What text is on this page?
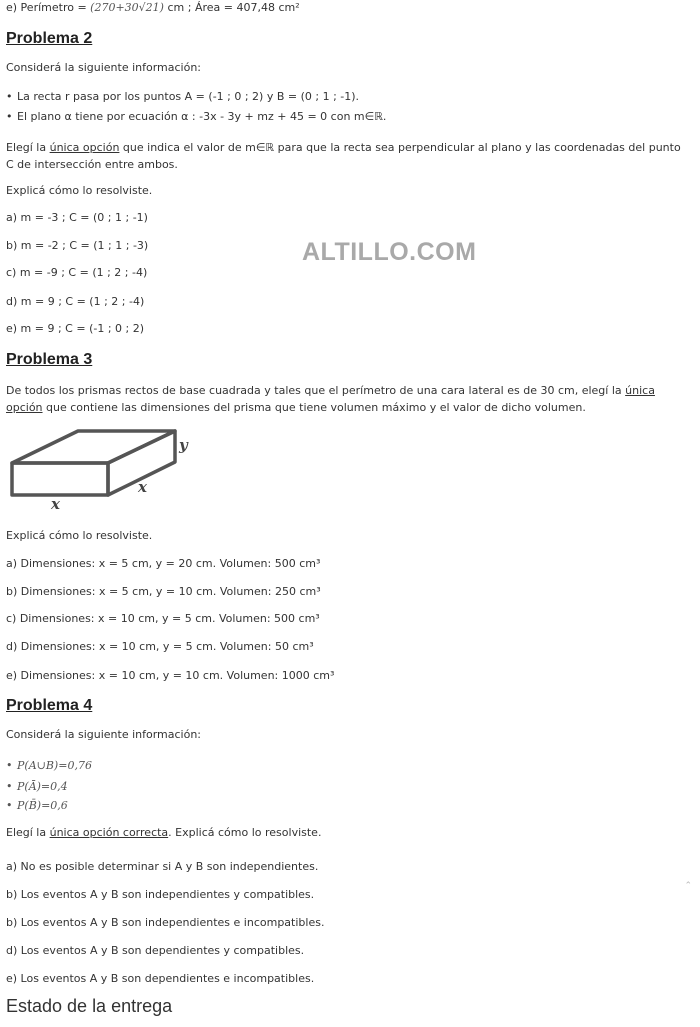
e) Perímetro = (270+30√21) cm ; Área = 407,48 cm²
Problema 2
Considerá la siguiente información:
• La recta r pasa por los puntos A = (-1 ; 0 ; 2) y B = (0 ; 1 ; -1).
• El plano α tiene por ecuación α : -3x - 3y + mz + 45 = 0 con m∈ℝ.
Elegí la única opción que indica el valor de m∈ℝ para que la recta sea perpendicular al plano y las coordenadas del punto C de intersección entre ambos.
Explicá cómo lo resolviste.
a) m = -3 ; C = (0 ; 1 ; -1)
b) m = -2 ; C = (1 ; 1 ; -3)
c) m = -9 ; C = (1 ; 2 ; -4)
d) m = 9 ; C = (1 ; 2 ; -4)
e) m = 9 ; C = (-1 ; 0 ; 2)
ALTILLO.COM
Problema 3
De todos los prismas rectos de base cuadrada y tales que el perímetro de una cara lateral es de 30 cm, elegí la única opción que contiene las dimensiones del prisma que tiene volumen máximo y el valor de dicho volumen.
y
x
x
Explicá cómo lo resolviste.
a) Dimensiones: x = 5 cm, y = 20 cm. Volumen: 500 cm³
b) Dimensiones: x = 5 cm, y = 10 cm. Volumen: 250 cm³
c) Dimensiones: x = 10 cm, y = 5 cm. Volumen: 500 cm³
d) Dimensiones: x = 10 cm, y = 5 cm. Volumen: 50 cm³
e) Dimensiones: x = 10 cm, y = 10 cm. Volumen: 1000 cm³
Problema 4
Considerá la siguiente información:
• P(A∪B)=0,76
• P(Ā)=0,4
• P(B̄)=0,6
Elegí la única opción correcta. Explicá cómo lo resolviste.
a) No es posible determinar si A y B son independientes.
b) Los eventos A y B son independientes y compatibles.
b) Los eventos A y B son independientes e incompatibles.
d) Los eventos A y B son dependientes y compatibles.
e) Los eventos A y B son dependientes e incompatibles.
Estado de la entrega
⌃
